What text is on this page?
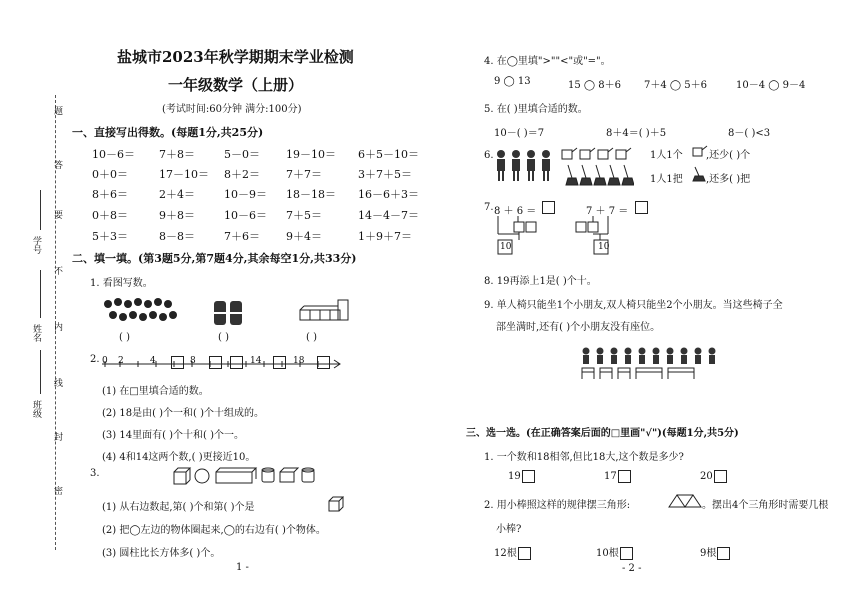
题
答
要
不
内
线
封
密
学号
姓名
班级
盐城市2023年秋学期期末学业检测
一年级数学（上册）
(考试时间:60分钟 满分:100分)
一、直接写出得数。(每题1分,共25分)
10－6＝ 7＋8＝	5－0＝ 19－10＝ 6＋5－10＝
0＋0＝	17－10＝ 8＋2＝ 7＋7＝	3＋7＋5＝
8＋6＝	2＋4＝	10－9＝ 18－18＝ 16－6＋3＝
0＋8＝	9＋8＝	10－6＝ 7＋5＝	14－4－7＝
5＋3＝	8－8＝	7＋6＝ 9＋4＝	1＋9＋7＝
二、填一填。(第3题5分,第7题4分,其余每空1分,共33分)
1. 看图写数。
( )	( )	( )
2. 0 2	4	8	14	18
(1) 在□里填合适的数。
(2) 18是由( )个一和( )个十组成的。
(3) 14里面有( )个十和( )个一。
(4) 4和14这两个数,( )更接近10。
3.
(1) 从右边数起,第( )个和第( )个是
(2) 把◯左边的物体圈起来,◯的右边有( )个物体。
(3) 圆柱比长方体多( )个。
1 -
4. 在◯里填">""<"或"="。
9 ◯ 13	15 ◯ 8＋6 7＋4 ◯ 5＋6	10－4 ◯ 9－4
5. 在( )里填合适的数。
10－( )＝7	8＋4＝( )＋5	8－( )<3
6.	1人1个 ,还少( )个
1人1把 ,还多( )把
7. 8 ＋ 6 ＝
10
7 ＋ 7 ＝
10
8. 19再添上1是( )个十。
9. 单人椅只能坐1个小朋友,双人椅只能坐2个小朋友。当这些椅子全
部坐满时,还有( )个小朋友没有座位。
三、选一选。(在正确答案后面的□里画"√")(每题1分,共5分)
1. 一个数和18相邻,但比18大,这个数是多少?
19	17	20
2. 用小棒照这样的规律摆三角形:	。摆出4个三角形时需要几根
小棒?
12根	10根	9根
- 2 -
